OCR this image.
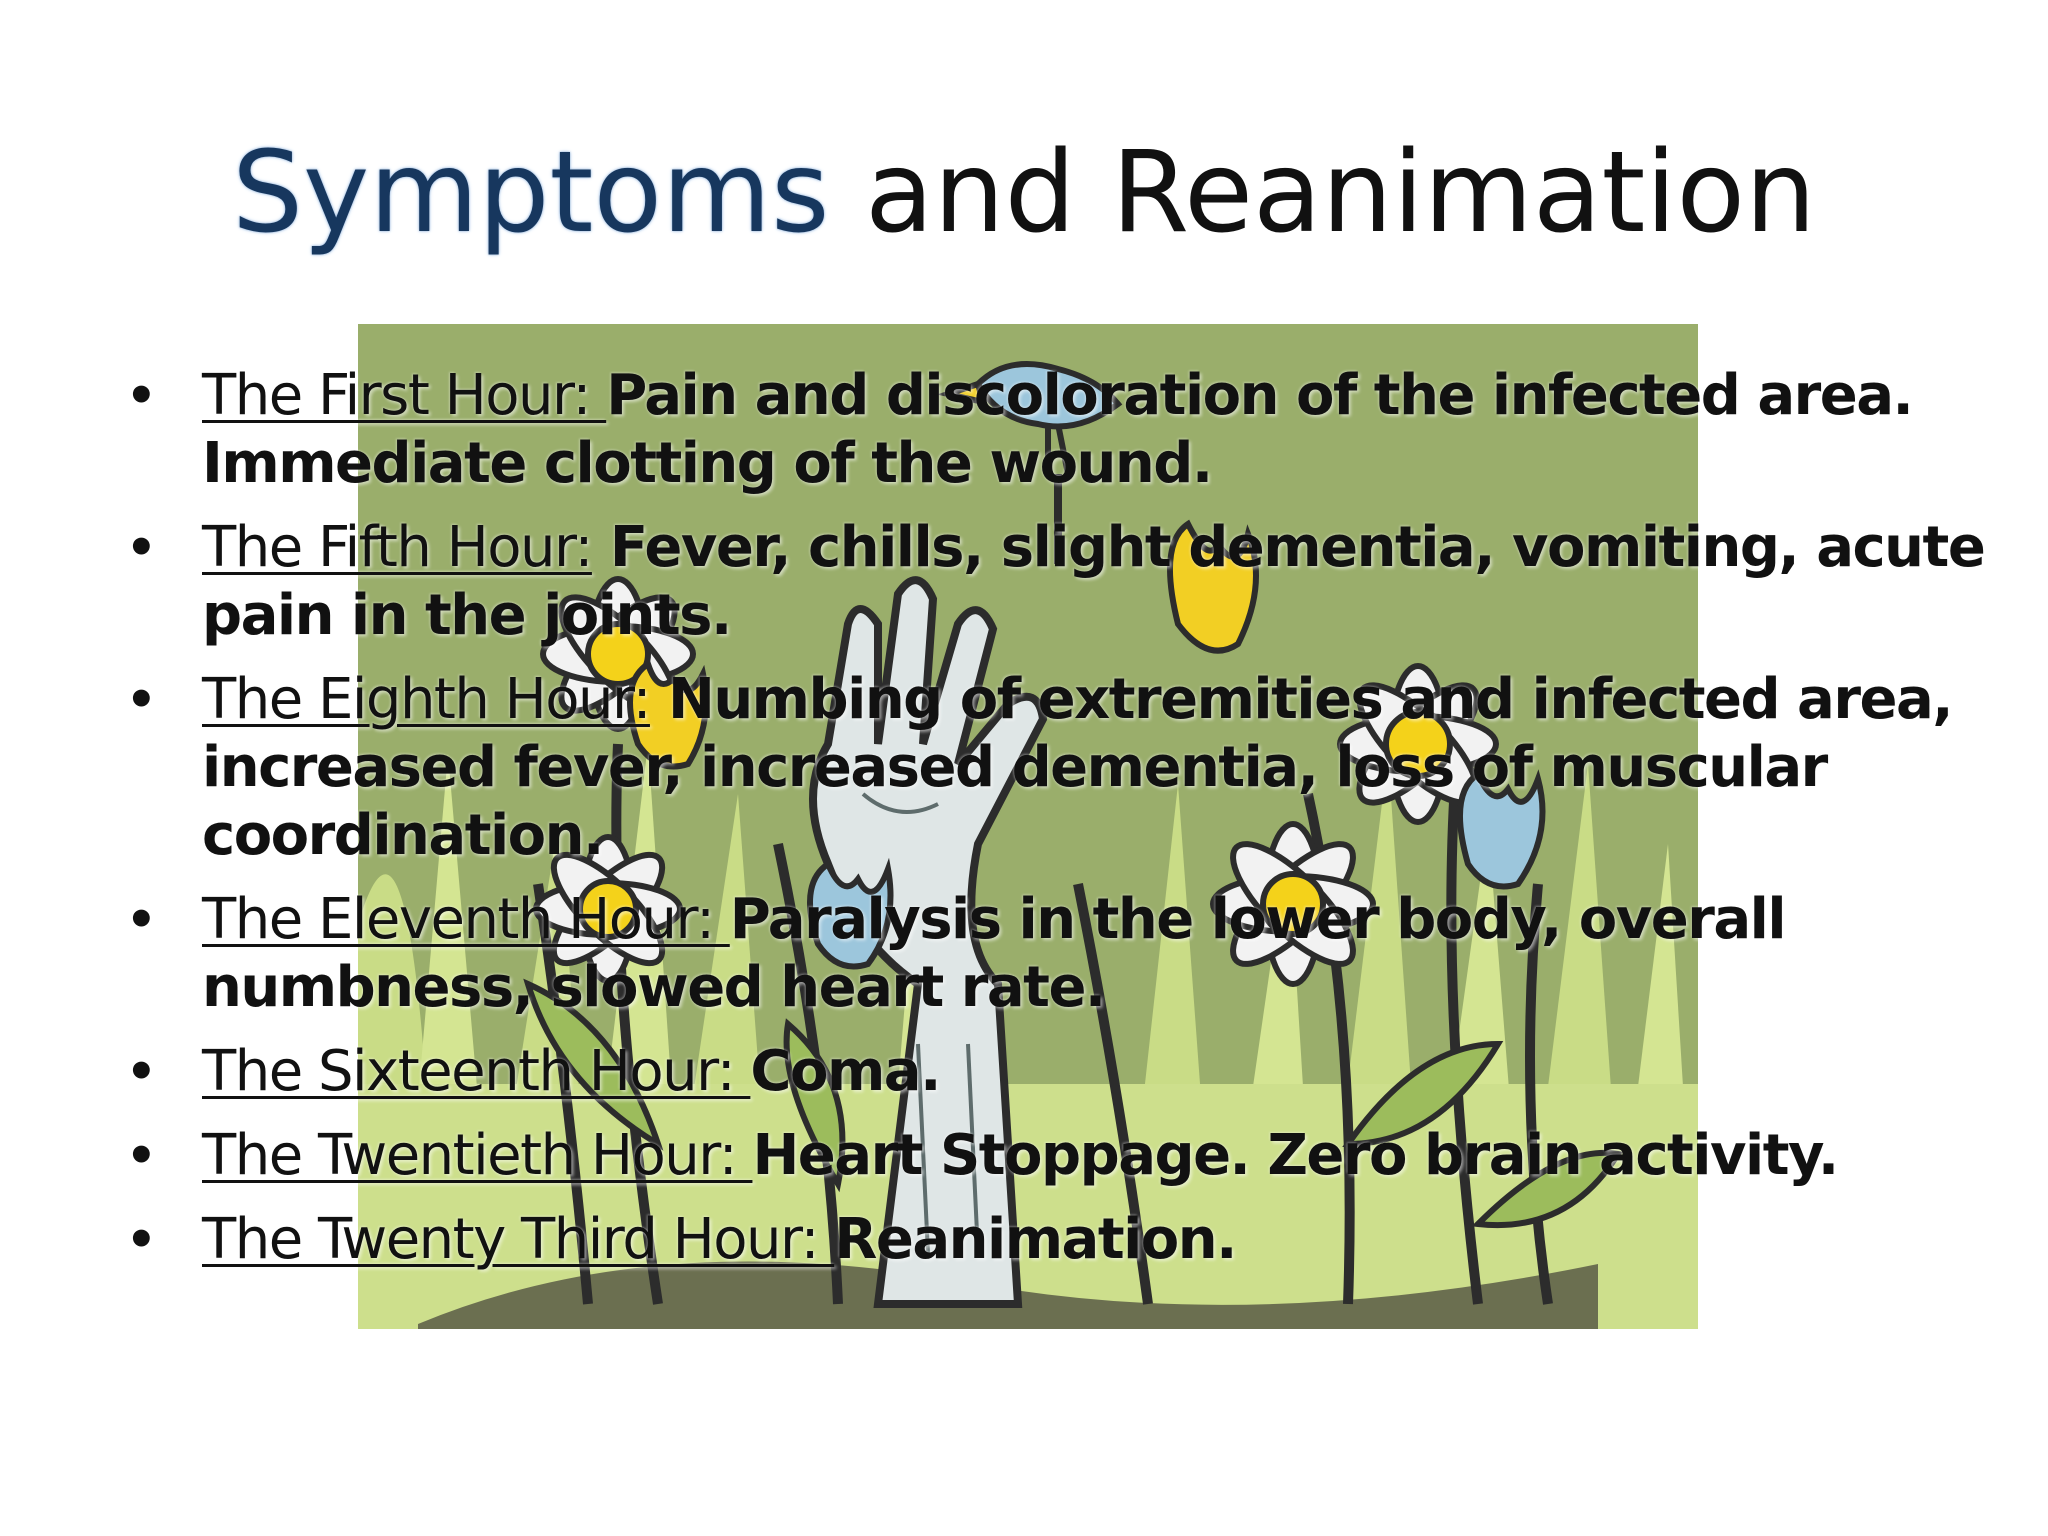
Symptoms and Reanimation
• The First Hour: Pain and discoloration of the infected area. Immediate clotting of the wound.
• The Fifth Hour: Fever, chills, slight dementia, vomiting, acute pain in the joints.
• The Eighth Hour: Numbing of extremities and infected area, increased fever, increased dementia, loss of muscular coordination.
• The Eleventh Hour: Paralysis in the lower body, overall numbness, slowed heart rate.
• The Sixteenth Hour: Coma.
• The Twentieth Hour: Heart Stoppage. Zero brain activity.
• The Twenty Third Hour: Reanimation.
